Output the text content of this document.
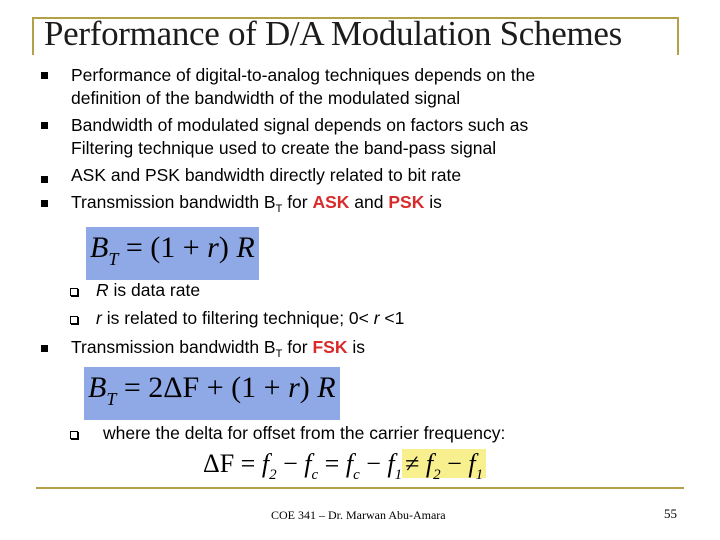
Performance of D/A Modulation Schemes
Performance of digital-to-analog techniques depends on the
definition of the bandwidth of the modulated signal
Bandwidth of modulated signal depends on factors such as
Filtering technique used to create the band-pass signal
ASK and PSK bandwidth directly related to bit rate
Transmission bandwidth $B_T$ for ASK and PSK is
$B_T = (1 + r)$ R
R is data rate
r is related to filtering technique; 0< r <1
Transmission bandwidth $B_T$ for FSK is
$B_T = 2\Delta F + (1 + r)$ R
where the delta for offset from the carrier frequency:
$\Delta F = f_2 - f_c = f_c - f_1 \ne f_2 - f_1$
COE 341 – Dr. Marwan Abu-Amara	55
